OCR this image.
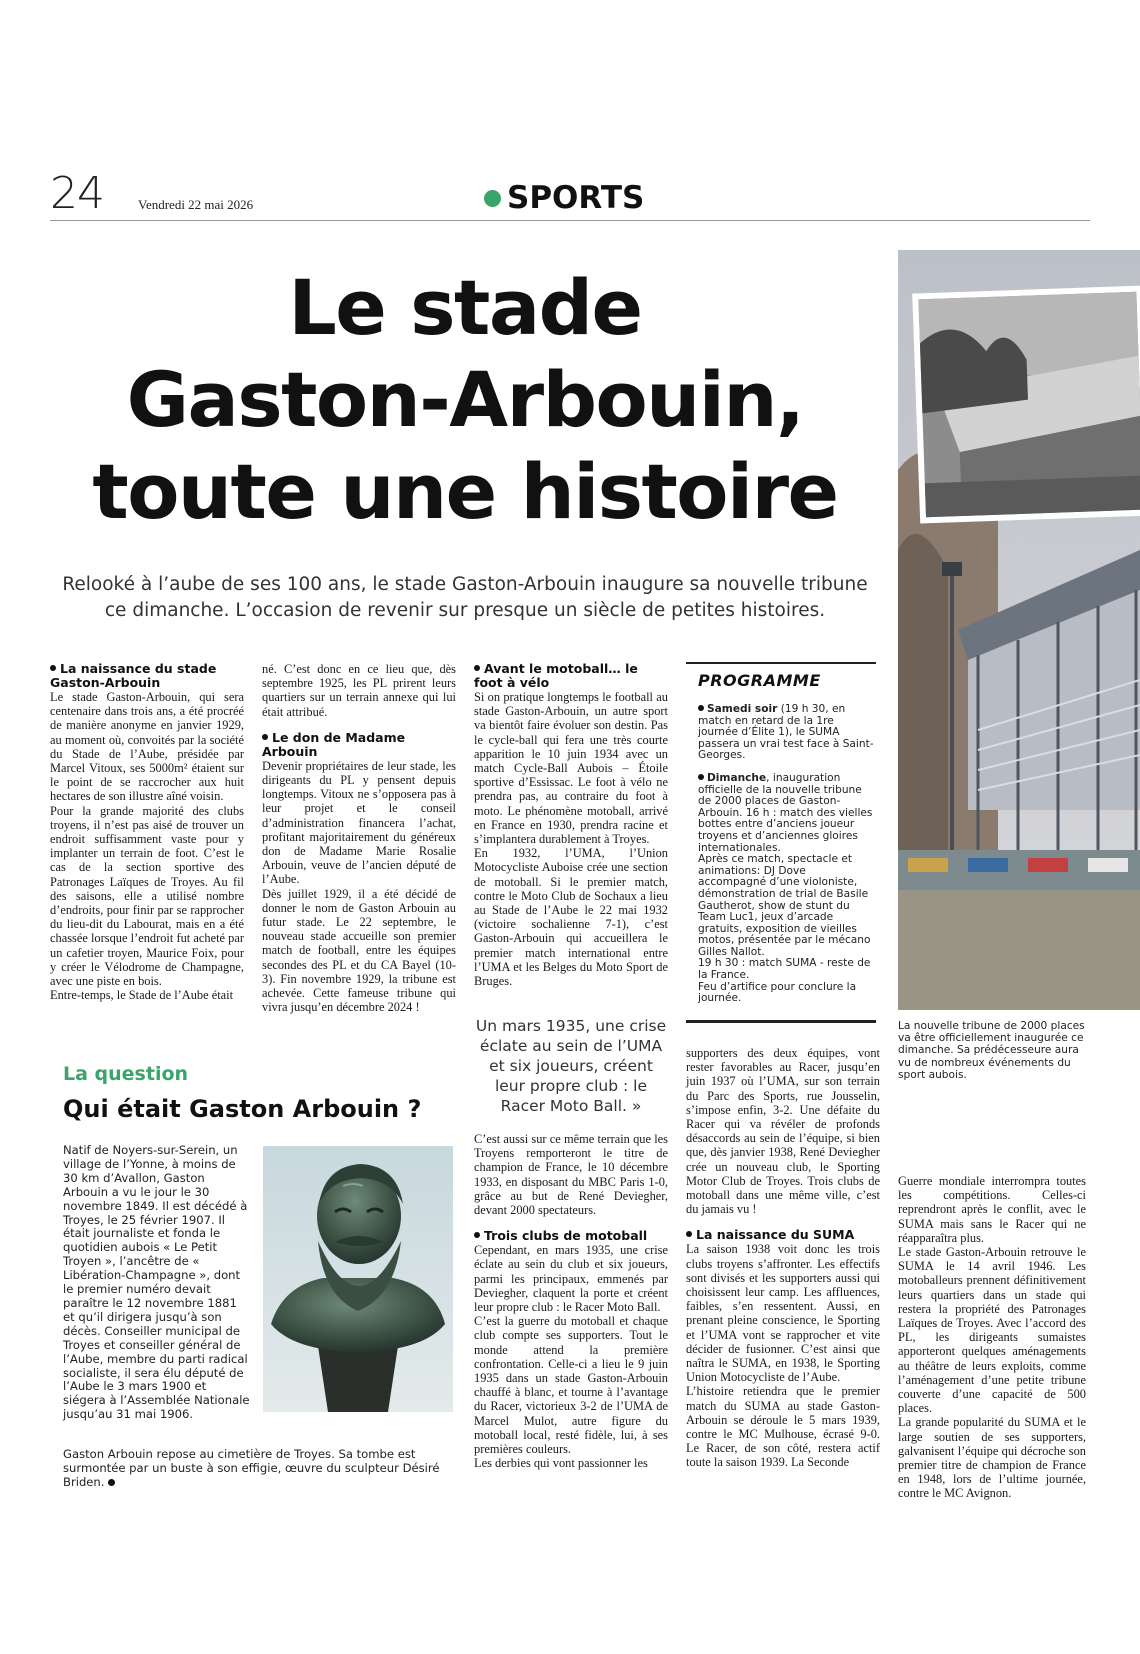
24	Vendredi 22 mai 2026	SPORTS
Le stade
Gaston-Arbouin,
toute une histoire
Relooké à l’aube de ses 100 ans, le stade Gaston-Arbouin inaugure sa nouvelle tribune ce dimanche. L’occasion de revenir sur presque un siècle de petites histoires.
La naissance du stade Gaston-Arbouin

Le stade Gaston-Arbouin, qui sera centenaire dans trois ans, a été procréé de manière anonyme en janvier 1929, au moment où, convoités par la société du Stade de l’Aube, présidée par Marcel Vitoux, ses 5000m² étaient sur le point de se raccrocher aux huit hectares de son illustre aîné voisin.

Pour la grande majorité des clubs troyens, il n’est pas aisé de trouver un endroit suffisamment vaste pour y implanter un terrain de foot. C’est le cas de la section sportive des Patronages Laïques de Troyes. Au fil des saisons, elle a utilisé nombre d’endroits, pour finir par se rapprocher du lieu-dit du Labourat, mais en a été chassée lorsque l’endroit fut acheté par un cafetier troyen, Maurice Foix, pour y créer le Vélodrome de Champagne, avec une piste en bois.

Entre-temps, le Stade de l’Aube était

né. C’est donc en ce lieu que, dès septembre 1925, les PL prirent leurs quartiers sur un terrain annexe qui lui était attribué.

Le don de Madame Arbouin

Devenir propriétaires de leur stade, les dirigeants du PL y pensent depuis longtemps. Vitoux ne s’opposera pas à leur projet et le conseil d’administration financera l’achat, profitant majoritairement du généreux don de Madame Marie Rosalie Arbouin, veuve de l’ancien député de l’Aube.

Dès juillet 1929, il a été décidé de donner le nom de Gaston Arbouin au futur stade. Le 22 septembre, le nouveau stade accueille son premier match de football, entre les équipes secondes des PL et du CA Bayel (10-3). Fin novembre 1929, la tribune est achevée. Cette fameuse tribune qui vivra jusqu’en décembre 2024 !

Avant le motoball… le foot à vélo

Si on pratique longtemps le football au stade Gaston-Arbouin, un autre sport va bientôt faire évoluer son destin. Pas le cycle-ball qui fera une très courte apparition le 10 juin 1934 avec un match Cycle-Ball Aubois – Étoile sportive d’Essissac. Le foot à vélo ne prendra pas, au contraire du foot à moto. Le phénomène motoball, arrivé en France en 1930, prendra racine et s’implantera durablement à Troyes.

En 1932, l’UMA, l’Union Motocycliste Auboise crée une section de motoball. Si le premier match, contre le Moto Club de Sochaux a lieu au Stade de l’Aube le 22 mai 1932 (victoire sochalienne 7-1), c’est Gaston-Arbouin qui accueillera le premier match international entre l’UMA et les Belges du Moto Sport de Bruges.

Un mars 1935, une crise éclate au sein de l’UMA et six joueurs, créent leur propre club : le Racer Moto Ball. »

C’est aussi sur ce même terrain que les Troyens remporteront le titre de champion de France, le 10 décembre 1933, en disposant du MBC Paris 1-0, grâce au but de René Deviegher, devant 2000 spectateurs.

Trois clubs de motoball

Cependant, en mars 1935, une crise éclate au sein du club et six joueurs, parmi les principaux, emmenés par Deviegher, claquent la porte et créent leur propre club : le Racer Moto Ball.

C’est la guerre du motoball et chaque club compte ses supporters. Tout le monde attend la première confrontation. Celle-ci a lieu le 9 juin 1935 dans un stade Gaston-Arbouin chauffé à blanc, et tourne à l’avantage du Racer, victorieux 3-2 de l’UMA de Marcel Mulot, autre figure du motoball local, resté fidèle, lui, à ses premières couleurs.

Les derbies qui vont passionner les

PROGRAMME

Samedi soir (19 h 30, en match en retard de la 1re journée d’Élite 1), le SUMA passera un vrai test face à Saint-Georges.

Dimanche, inauguration officielle de la nouvelle tribune de 2000 places de Gaston-Arbouin. 16 h : match des vielles bottes entre d’anciens joueur troyens et d’anciennes gloires internationales.

Après ce match, spectacle et animations: DJ Dove accompagné d’une violoniste, démonstration de trial de Basile Gautherot, show de stunt du Team Luc1, jeux d’arcade gratuits, exposition de vieilles motos, présentée par le mécano Gilles Nallot.

19 h 30 : match SUMA - reste de la France.

Feu d’artifice pour conclure la journée.

supporters des deux équipes, vont rester favorables au Racer, jusqu’en juin 1937 où l’UMA, sur son terrain du Parc des Sports, rue Jousselin, s’impose enfin, 3-2. Une défaite du Racer qui va révéler de profonds désaccords au sein de l’équipe, si bien que, dès janvier 1938, René Deviegher crée un nouveau club, le Sporting Motor Club de Troyes. Trois clubs de motoball dans une même ville, c’est du jamais vu !

La naissance du SUMA

La saison 1938 voit donc les trois clubs troyens s’affronter. Les effectifs sont divisés et les supporters aussi qui choisissent leur camp. Les affluences, faibles, s’en ressentent. Aussi, en prenant pleine conscience, le Sporting et l’UMA vont se rapprocher et vite décider de fusionner. C’est ainsi que naîtra le SUMA, en 1938, le Sporting Union Motocycliste de l’Aube.

L’histoire retiendra que le premier match du SUMA au stade Gaston-Arbouin se déroule le 5 mars 1939, contre le MC Mulhouse, écrasé 9-0. Le Racer, de son côté, restera actif toute la saison 1939. La Seconde

Guerre mondiale interrompra toutes les compétitions. Celles-ci reprendront après le conflit, avec le SUMA mais sans le Racer qui ne réapparaîtra plus.

Le stade Gaston-Arbouin retrouve le SUMA le 14 avril 1946. Les motoballeurs prennent définitivement leurs quartiers dans un stade qui restera la propriété des Patronages Laïques de Troyes. Avec l’accord des PL, les dirigeants sumaistes apporteront quelques aménagements au théâtre de leurs exploits, comme l’aménagement d’une petite tribune couverte d’une capacité de 500 places.

La grande popularité du SUMA et le large soutien de ses supporters, galvanisent l’équipe qui décroche son premier titre de champion de France en 1948, lors de l’ultime journée, contre le MC Avignon.

La question
Qui était Gaston Arbouin ?
Natif de Noyers-sur-Serein, un village de l’Yonne, à moins de 30 km d’Avallon, Gaston Arbouin a vu le jour le 30 novembre 1849. Il est décédé à Troyes, le 25 février 1907. Il était journaliste et fonda le quotidien aubois « Le Petit Troyen », l’ancêtre de « Libération-Champagne », dont le premier numéro devait paraître le 12 novembre 1881 et qu’il dirigera jusqu’à son décès. Conseiller municipal de Troyes et conseiller général de l’Aube, membre du parti radical socialiste, il sera élu député de l’Aube le 3 mars 1900 et siégera à l’Assemblée Nationale jusqu’au 31 mai 1906.
Gaston Arbouin repose au cimetière de Troyes. Sa tombe est surmontée par un buste à son effigie, œuvre du sculpteur Désiré Briden.
La nouvelle tribune de 2000 places va être officiellement inaugurée ce dimanche. Sa prédécesseure aura vu de nombreux événements du sport aubois.
